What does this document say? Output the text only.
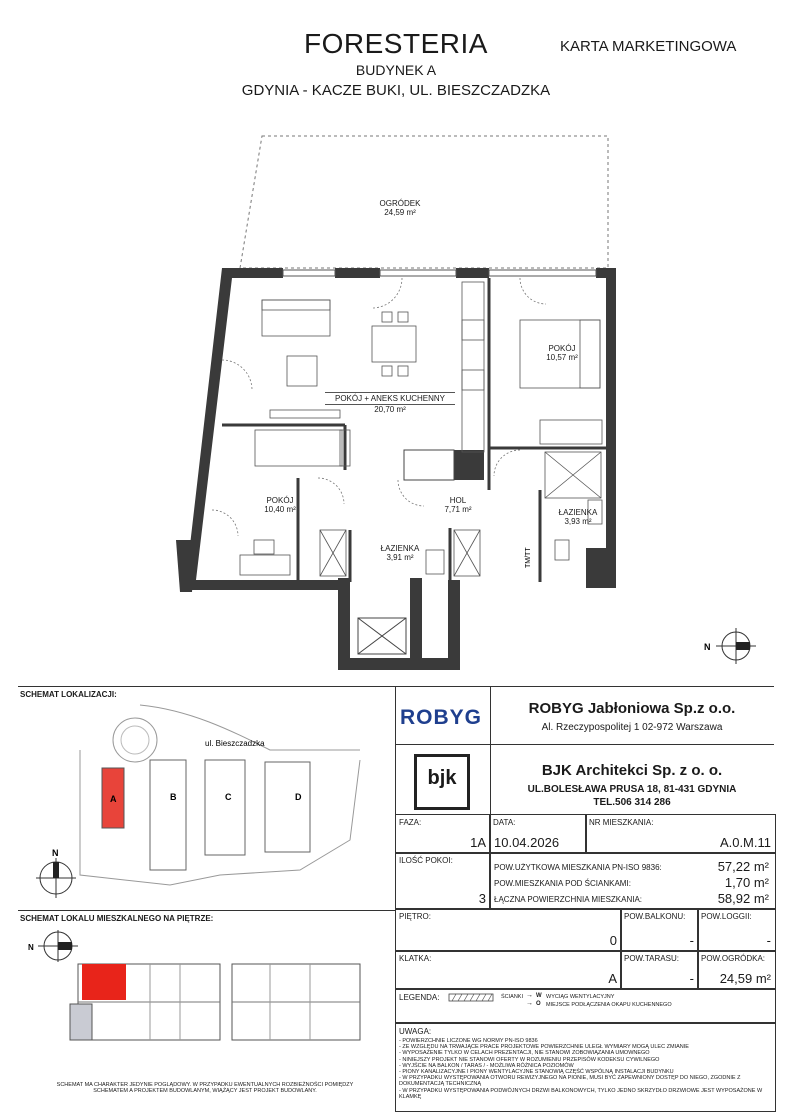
FORESTERIA
BUDYNEK A
GDYNIA - KACZE BUKI, UL. BIESZCZADZKA
KARTA MARKETINGOWA
TM/TT
N
OGRÓDEK
24,59 m²
POKÓJ
10,57 m²
POKÓJ + ANEKS KUCHENNY
20,70 m²
POKÓJ
10,40 m²
HOL
7,71 m²	ŁAZIENKA
3,93 m²
ŁAZIENKA
3,91 m²
SCHEMAT LOKALIZACJI:
ul. Bieszczadzka
A	B	C	D
N
SCHEMAT LOKALU MIESZKALNEGO NA PIĘTRZE:
N
SCHEMAT MA CHARAKTER JEDYNIE POGLĄDOWY. W PRZYPADKU EWENTUALNYCH ROZBIEŻNOŚCI POMIĘDZY SCHEMATEM A PROJEKTEM BUDOWLANYM, WIĄŻĄCY JEST PROJEKT BUDOWLANY.
ROBYG	ROBYG Jabłoniowa Sp.z o.o.
Al. Rzeczypospolitej 1 02-972 Warszawa
bjk	BJK Architekci Sp. z o. o.
UL.BOLESŁAWA PRUSA 18, 81-431 GDYNIA
TEL.506 314 286
FAZA:
1A
DATA:
10.04.2026
NR MIESZKANIA:
A.0.M.11
ILOŚĆ POKOI:
3
POW.UŻYTKOWA MIESZKANIA PN-ISO 9836:	57,22 m²
POW.MIESZKANIA POD ŚCIANKAMI:	1,70 m²
ŁĄCZNA POWIERZCHNIA MIESZKANIA:	58,92 m²
PIĘTRO:
0
POW.BALKONU:
-
POW.LOGGII:
-
KLATKA:
A
POW.TARASU:
-
POW.OGRÓDKA:
24,59 m²
LEGENDA:	ŚCIANKI → W WYCIĄG WENTYLACYJNY
→ O MIEJSCE PODŁĄCZENIA OKAPU KUCHENNEGO
UWAGA:
- POWIERZCHNIE LICZONE WG NORMY PN-ISO 9836
- ZE WZGLĘDU NA TRWAJĄCE PRACE PROJEKTOWE POWIERZCHNIE ULEGŁ WYMIARY MOGĄ ULEC ZMIANIE
- WYPOSAŻENIE TYLKO W CELACH PREZENTACJI, NIE STANOWI ZOBOWIĄZANIA UMOWNEGO
- NINIEJSZY PROJEKT NIE STANOWI OFERTY W ROZUMIENIU PRZEPISÓW KODEKSU CYWILNEGO
- WYJŚCIE NA BALKON / TARAS / - MOŻLIWA RÓŻNICA POZIOMÓW
- PIONY KANALIZACYJNE I PIONY WENTYLACYJNE STANOWIĄ CZĘŚĆ WSPÓLNĄ INSTALACJI BUDYNKU
- W PRZYPADKU WYSTĘPOWANIA OTWORU REWIZYJNEGO NA PIONIE, MUSI BYĆ ZAPEWNIONY DOSTĘP DO NIEGO, ZGODNIE Z DOKUMENTACJĄ TECHNICZNĄ
- W PRZYPADKU WYSTĘPOWANIA PODWÓJNYCH DRZWI BALKONOWYCH, TYLKO JEDNO SKRZYDŁO DRZWIOWE JEST WYPOSAŻONE W KLAMKĘ
